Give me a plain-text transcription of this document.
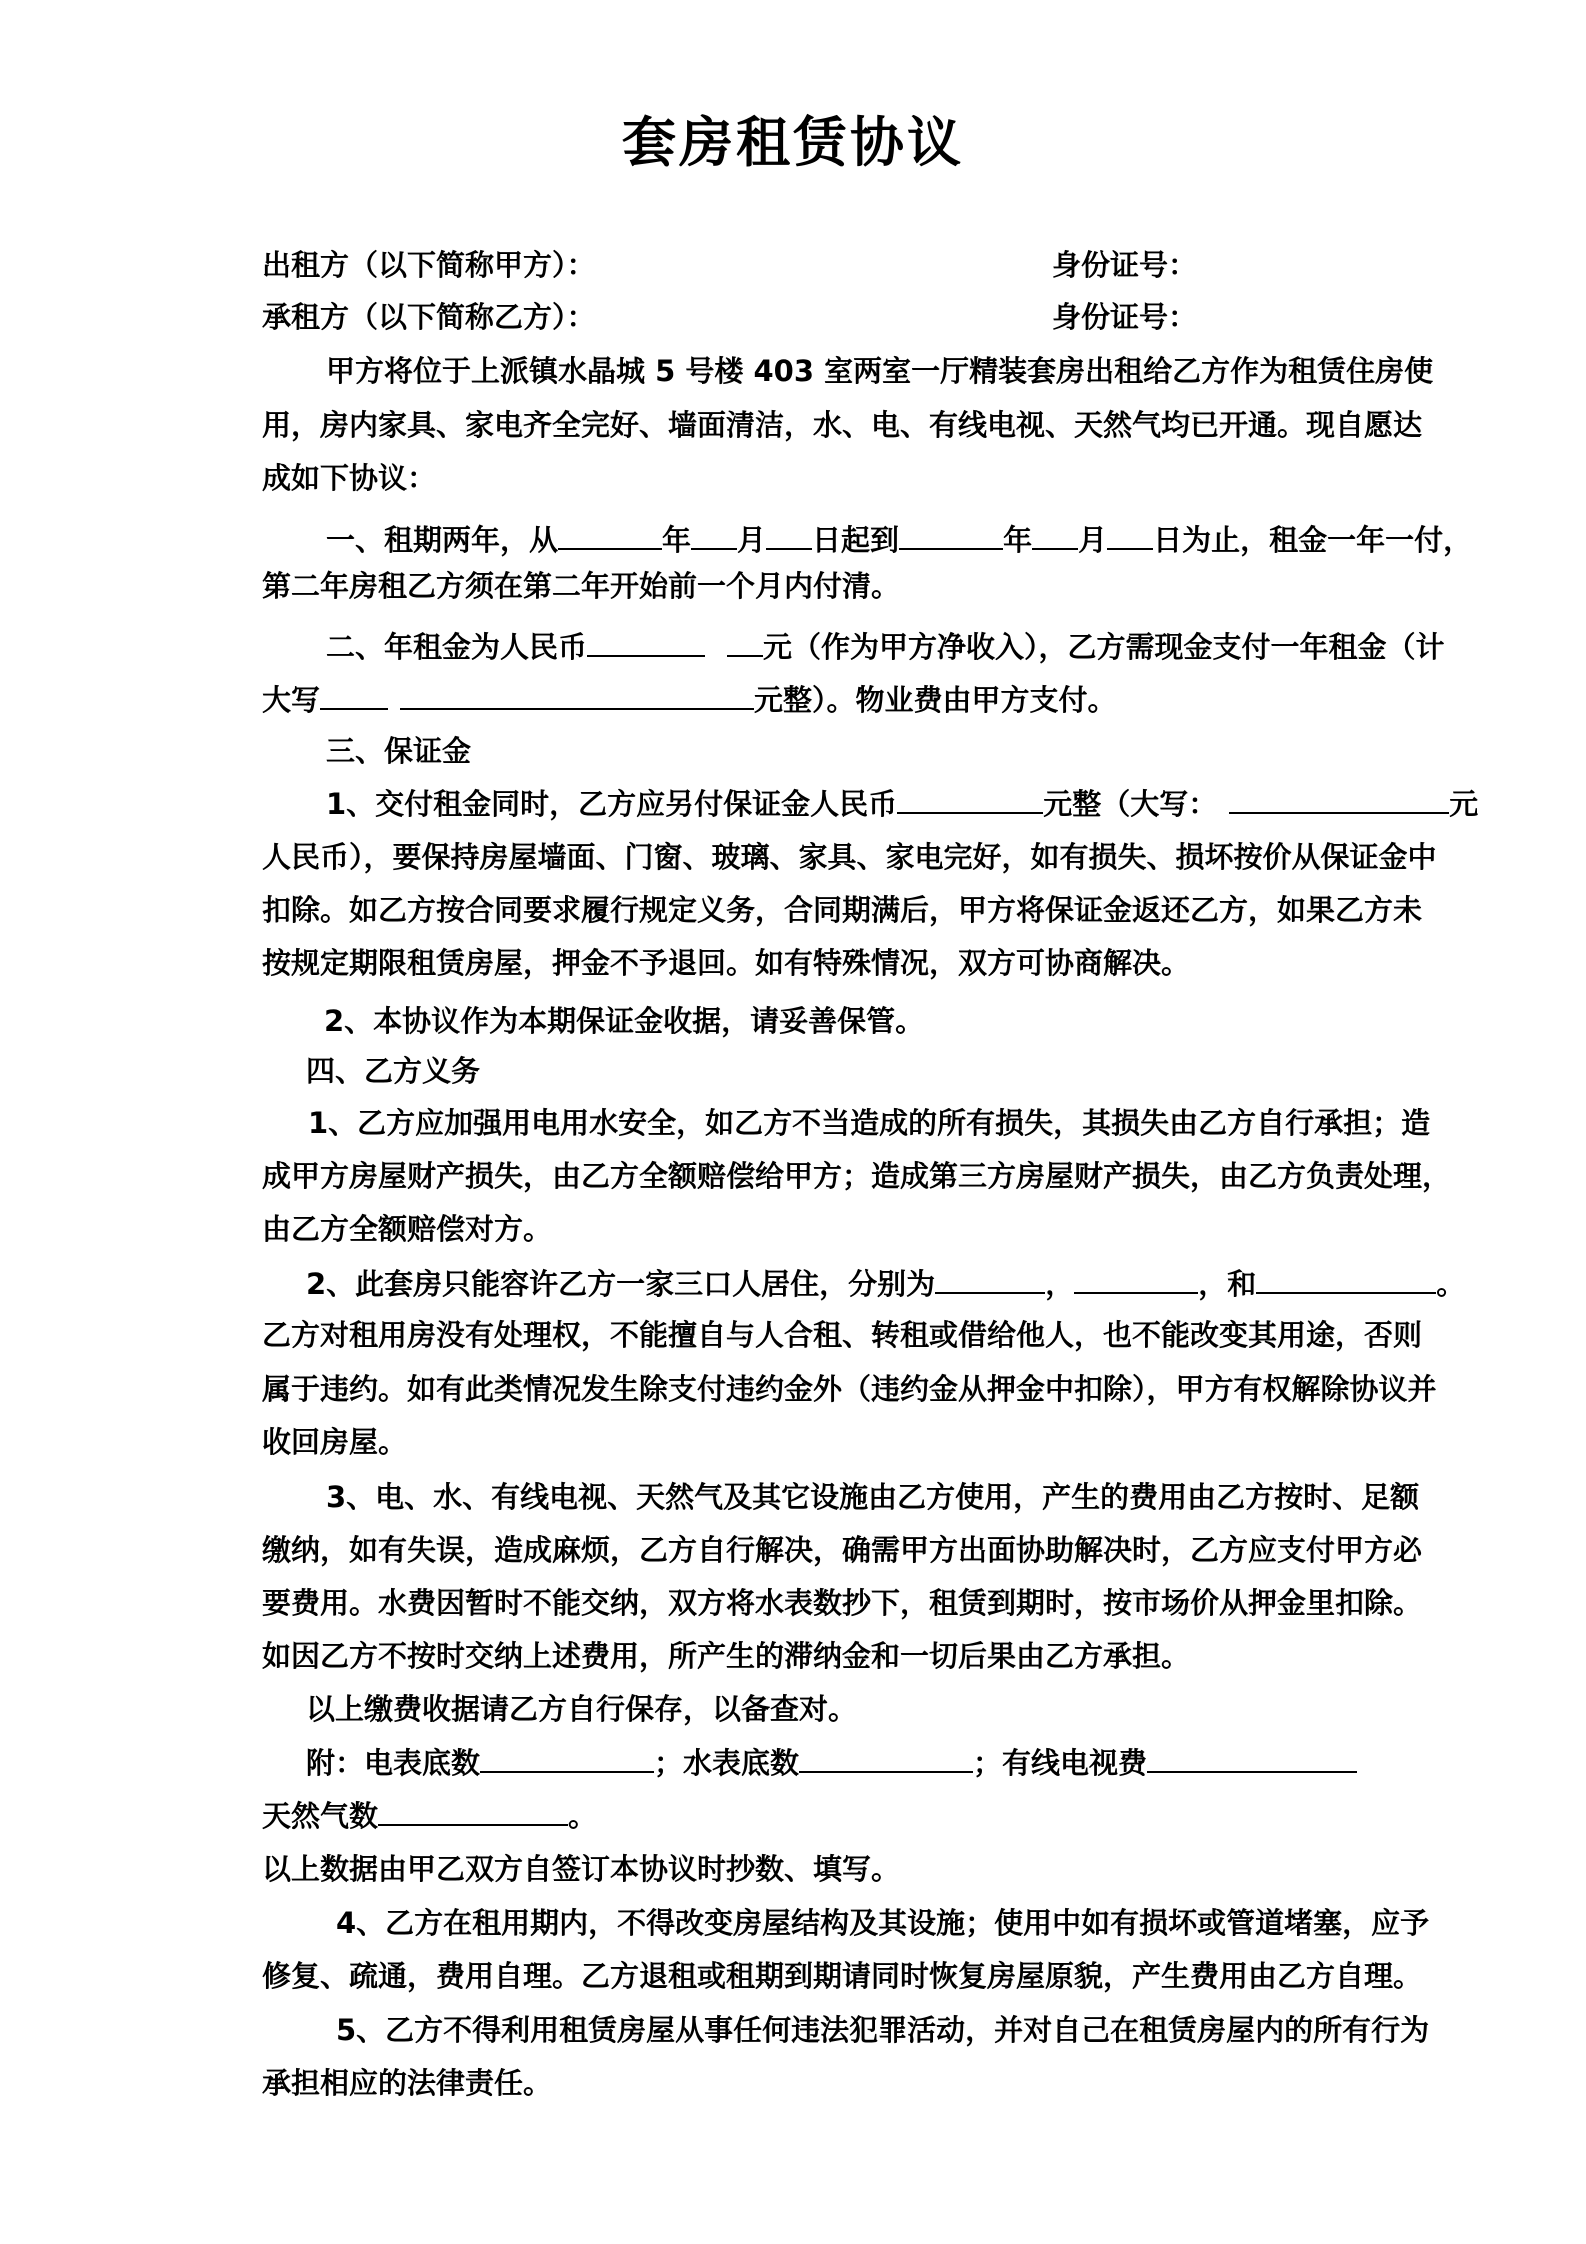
套房租赁协议
出租方（以下简称甲方）：	身份证号：
承租方（以下简称乙方）：	身份证号：
甲方将位于上派镇水晶城 5 号楼 403 室两室一厅精装套房出租给乙方作为租赁住房使
用，房内家具、家电齐全完好、墙面清洁，水、电、有线电视、天然气均已开通。现自愿达
成如下协议：
一、租期两年，从	年 月 日起到	年 月 日为止，租金一年一付，
第二年房租乙方须在第二年开始前一个月内付清。
二、年租金为人民币	元（作为甲方净收入），乙方需现金支付一年租金（计
大写	元整）。物业费由甲方支付。
三、保证金
1、交付租金同时，乙方应另付保证金人民币	元整（大写：	元
人民币），要保持房屋墙面、门窗、玻璃、家具、家电完好，如有损失、损坏按价从保证金中
扣除。如乙方按合同要求履行规定义务，合同期满后，甲方将保证金返还乙方，如果乙方未
按规定期限租赁房屋，押金不予退回。如有特殊情况，双方可协商解决。
2、本协议作为本期保证金收据，请妥善保管。
四、乙方义务
1、乙方应加强用电用水安全，如乙方不当造成的所有损失，其损失由乙方自行承担；造
成甲方房屋财产损失，由乙方全额赔偿给甲方；造成第三方房屋财产损失，由乙方负责处理，
由乙方全额赔偿对方。
2、此套房只能容许乙方一家三口人居住，分别为	，	，和	。
乙方对租用房没有处理权，不能擅自与人合租、转租或借给他人，也不能改变其用途，否则
属于违约。如有此类情况发生除支付违约金外（违约金从押金中扣除），甲方有权解除协议并
收回房屋。
3、电、水、有线电视、天然气及其它设施由乙方使用，产生的费用由乙方按时、足额
缴纳，如有失误，造成麻烦，乙方自行解决，确需甲方出面协助解决时，乙方应支付甲方必
要费用。水费因暂时不能交纳，双方将水表数抄下，租赁到期时，按市场价从押金里扣除。
如因乙方不按时交纳上述费用，所产生的滞纳金和一切后果由乙方承担。
以上缴费收据请乙方自行保存，以备查对。
附：电表底数	；水表底数	；有线电视费
天然气数	。
以上数据由甲乙双方自签订本协议时抄数、填写。
4、乙方在租用期内，不得改变房屋结构及其设施；使用中如有损坏或管道堵塞，应予
修复、疏通，费用自理。乙方退租或租期到期请同时恢复房屋原貌，产生费用由乙方自理。
5、乙方不得利用租赁房屋从事任何违法犯罪活动，并对自己在租赁房屋内的所有行为
承担相应的法律责任。
